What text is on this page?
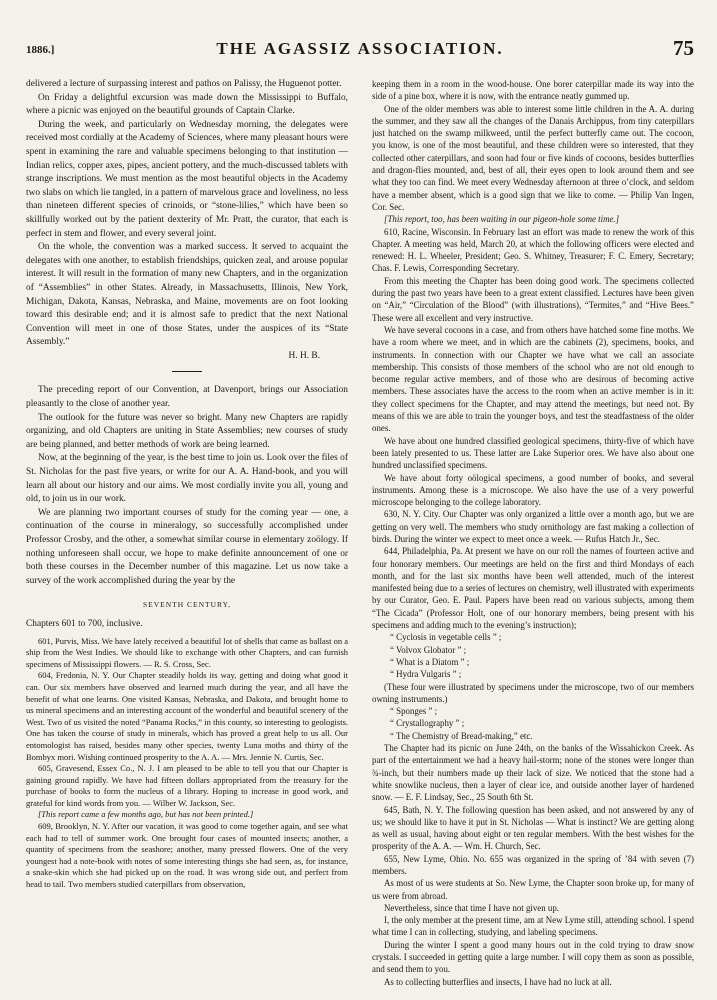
1886.]	THE AGASSIZ ASSOCIATION.	75

delivered a lecture of surpassing interest and pathos on Palissy, the Huguenot potter.

On Friday a delightful excursion was made down the Mississippi to Buffalo, where a picnic was enjoyed on the beautiful grounds of Captain Clarke.

During the week, and particularly on Wednesday morning, the delegates were received most cordially at the Academy of Sciences, where many pleasant hours were spent in examining the rare and valuable specimens belonging to that institution — Indian relics, copper axes, pipes, ancient pottery, and the much-discussed tablets with strange inscriptions. We must mention as the most beautiful objects in the Academy two slabs on which lie tangled, in a pattern of marvelous grace and loveliness, no less than nineteen different species of crinoids, or “stone-lilies,” which have been so skillfully worked out by the patient dexterity of Mr. Pratt, the curator, that each is perfect in stem and flower, and every several joint.

On the whole, the convention was a marked success. It served to acquaint the delegates with one another, to establish friendships, quicken zeal, and arouse popular interest. It will result in the formation of many new Chapters, and in the organization of “Assemblies” in other States. Already, in Massachusetts, Illinois, New York, Michigan, Dakota, Kansas, Nebraska, and Maine, movements are on foot looking toward this desirable end; and it is almost safe to predict that the next National Convention will meet in one of those States, under the auspices of its “State Assembly.”

H. H. B.

The preceding report of our Convention, at Davenport, brings our Association pleasantly to the close of another year.

The outlook for the future was never so bright. Many new Chapters are rapidly organizing, and old Chapters are uniting in State Assemblies; new courses of study are being planned, and better methods of work are being learned.

Now, at the beginning of the year, is the best time to join us. Look over the files of St. Nicholas for the past five years, or write for our A. A. Hand-book, and you will learn all about our history and our aims. We most cordially invite you all, young and old, to join us in our work.

We are planning two important courses of study for the coming year — one, a continuation of the course in mineralogy, so successfully accomplished under Professor Crosby, and the other, a somewhat similar course in elementary zoölogy. If nothing unforeseen shall occur, we hope to make definite announcement of one or both these courses in the December number of this magazine. Let us now take a survey of the work accomplished during the year by the

SEVENTH CENTURY,

Chapters 601 to 700, inclusive.

601, Purvis, Miss. We have lately received a beautiful lot of shells that came as ballast on a ship from the West Indies. We should like to exchange with other Chapters, and can furnish specimens of Mississippi flowers. — R. S. Cross, Sec.

604, Fredonia, N. Y. Our Chapter steadily holds its way, getting and doing what good it can. Our six members have observed and learned much during the year, and all have the benefit of what one learns. One visited Kansas, Nebraska, and Dakota, and brought home to us mineral specimens and an interesting account of the wonderful and beautiful scenery of the West. Two of us visited the noted “Panama Rocks,” in this county, so interesting to geologists. One has taken the course of study in minerals, which has proved a great help to us all. Our entomologist has raised, besides many other species, twenty Luna moths and thirty of the Bombyx mori. Wishing continued prosperity to the A. A. — Mrs. Jennie N. Curtis, Sec.

605, Gravesend, Essex Co., N. J. I am pleased to be able to tell you that our Chapter is gaining ground rapidly. We have had fifteen dollars appropriated from the treasury for the purchase of books to form the nucleus of a library. Hoping to increase in good work, and grateful for kind words from you. — Wilber W. Jackson, Sec.

[This report came a few months ago, but has not been printed.]

609, Brooklyn, N. Y. After our vacation, it was good to come together again, and see what each had to tell of summer work. One brought four cases of mounted insects; another, a quantity of specimens from the seashore; another, many pressed flowers. One of the very youngest had a note-book with notes of some interesting things she had seen, as, for instance, a snake-skin which she had picked up on the road. It was wrong side out, and perfect from head to tail. Two members studied caterpillars from observation,

keeping them in a room in the wood-house. One borer caterpillar made its way into the side of a pine box, where it is now, with the entrance neatly gummed up.

One of the older members was able to interest some little children in the A. A. during the summer, and they saw all the changes of the Danais Archippus, from tiny caterpillars just hatched on the swamp milkweed, until the perfect butterfly came out. The cocoon, you know, is one of the most beautiful, and these children were so interested, that they collected other caterpillars, and soon had four or five kinds of cocoons, besides butterflies and dragon-flies mounted, and, best of all, their eyes open to look around them and see what they too can find. We meet every Wednesday afternoon at three o’clock, and seldom have a member absent, which is a good sign that we like to come. — Philip Van Ingen, Cor. Sec.

[This report, too, has been waiting in our pigeon-hole some time.]

610, Racine, Wisconsin. In February last an effort was made to renew the work of this Chapter. A meeting was held, March 20, at which the following officers were elected and renewed: H. L. Wheeler, President; Geo. S. Whitney, Treasurer; F. C. Emery, Secretary; Chas. F. Lewis, Corresponding Secretary.

From this meeting the Chapter has been doing good work. The specimens collected during the past two years have been to a great extent classified. Lectures have been given on “Air,” “Circulation of the Blood” (with illustrations), “Termites,” and “Hive Bees.” These were all excellent and very instructive.

We have several cocoons in a case, and from others have hatched some fine moths. We have a room where we meet, and in which are the cabinets (2), specimens, books, and instruments. In connection with our Chapter we have what we call an associate membership. This consists of those members of the school who are not old enough to become regular active members, and of those who are desirous of becoming active members. These associates have the access to the room when an active member is in it: they collect specimens for the Chapter, and may attend the meetings, but need not. By means of this we are able to train the younger boys, and test the steadfastness of the older ones.

We have about one hundred classified geological specimens, thirty-five of which have been lately presented to us. These latter are Lake Superior ores. We have also about one hundred unclassified specimens.

We have about forty oölogical specimens, a good number of books, and several instruments. Among these is a microscope. We also have the use of a very powerful microscope belonging to the college laboratory.

630, N. Y. City. Our Chapter was only organized a little over a month ago, but we are getting on very well. The members who study ornithology are fast making a collection of birds. During the winter we expect to meet once a week. — Rufus Hatch Jr., Sec.

644, Philadelphia, Pa. At present we have on our roll the names of fourteen active and four honorary members. Our meetings are held on the first and third Mondays of each month, and for the last six months have been well attended, much of the interest manifested being due to a series of lectures on chemistry, well illustrated with experiments by our Curator, Geo. E. Paul. Papers have been read on various subjects, among them “The Cicada” (Professor Holt, one of our honorary members, being present with his specimens and adding much to the evening’s instruction);

“ Cyclosis in vegetable cells ” ;

“ Volvox Globator ” ;

“ What is a Diatom ” ;

“ Hydra Vulgaris ” ;

(These four were illustrated by specimens under the microscope, two of our members owning instruments.)

“ Sponges ” ;

“ Crystallography ” ;

“ The Chemistry of Bread-making,” etc.

The Chapter had its picnic on June 24th, on the banks of the Wissahickon Creek. As part of the entertainment we had a heavy hail-storm; none of the stones were longer than ¾-inch, but their numbers made up their lack of size. We noticed that the stone had a white snowlike nucleus, then a layer of clear ice, and outside another layer of hardened snow. — E. F. Lindsay, Sec., 25 South 6th St.

645, Bath, N. Y. The following question has been asked, and not answered by any of us; we should like to have it put in St. Nicholas — What is instinct? We are getting along as well as usual, having about eight or ten regular members. With the best wishes for the prosperity of the A. A. — Wm. H. Church, Sec.

655, New Lyme, Ohio. No. 655 was organized in the spring of ’84 with seven (7) members.

As most of us were students at So. New Lyme, the Chapter soon broke up, for many of us were from abroad.

Nevertheless, since that time I have not given up.

I, the only member at the present time, am at New Lyme still, attending school. I spend what time I can in collecting, studying, and labeling specimens.

During the winter I spent a good many hours out in the cold trying to draw snow crystals. I succeeded in getting quite a large number. I will copy them as soon as possible, and send them to you.

As to collecting butterflies and insects, I have had no luck at all.
